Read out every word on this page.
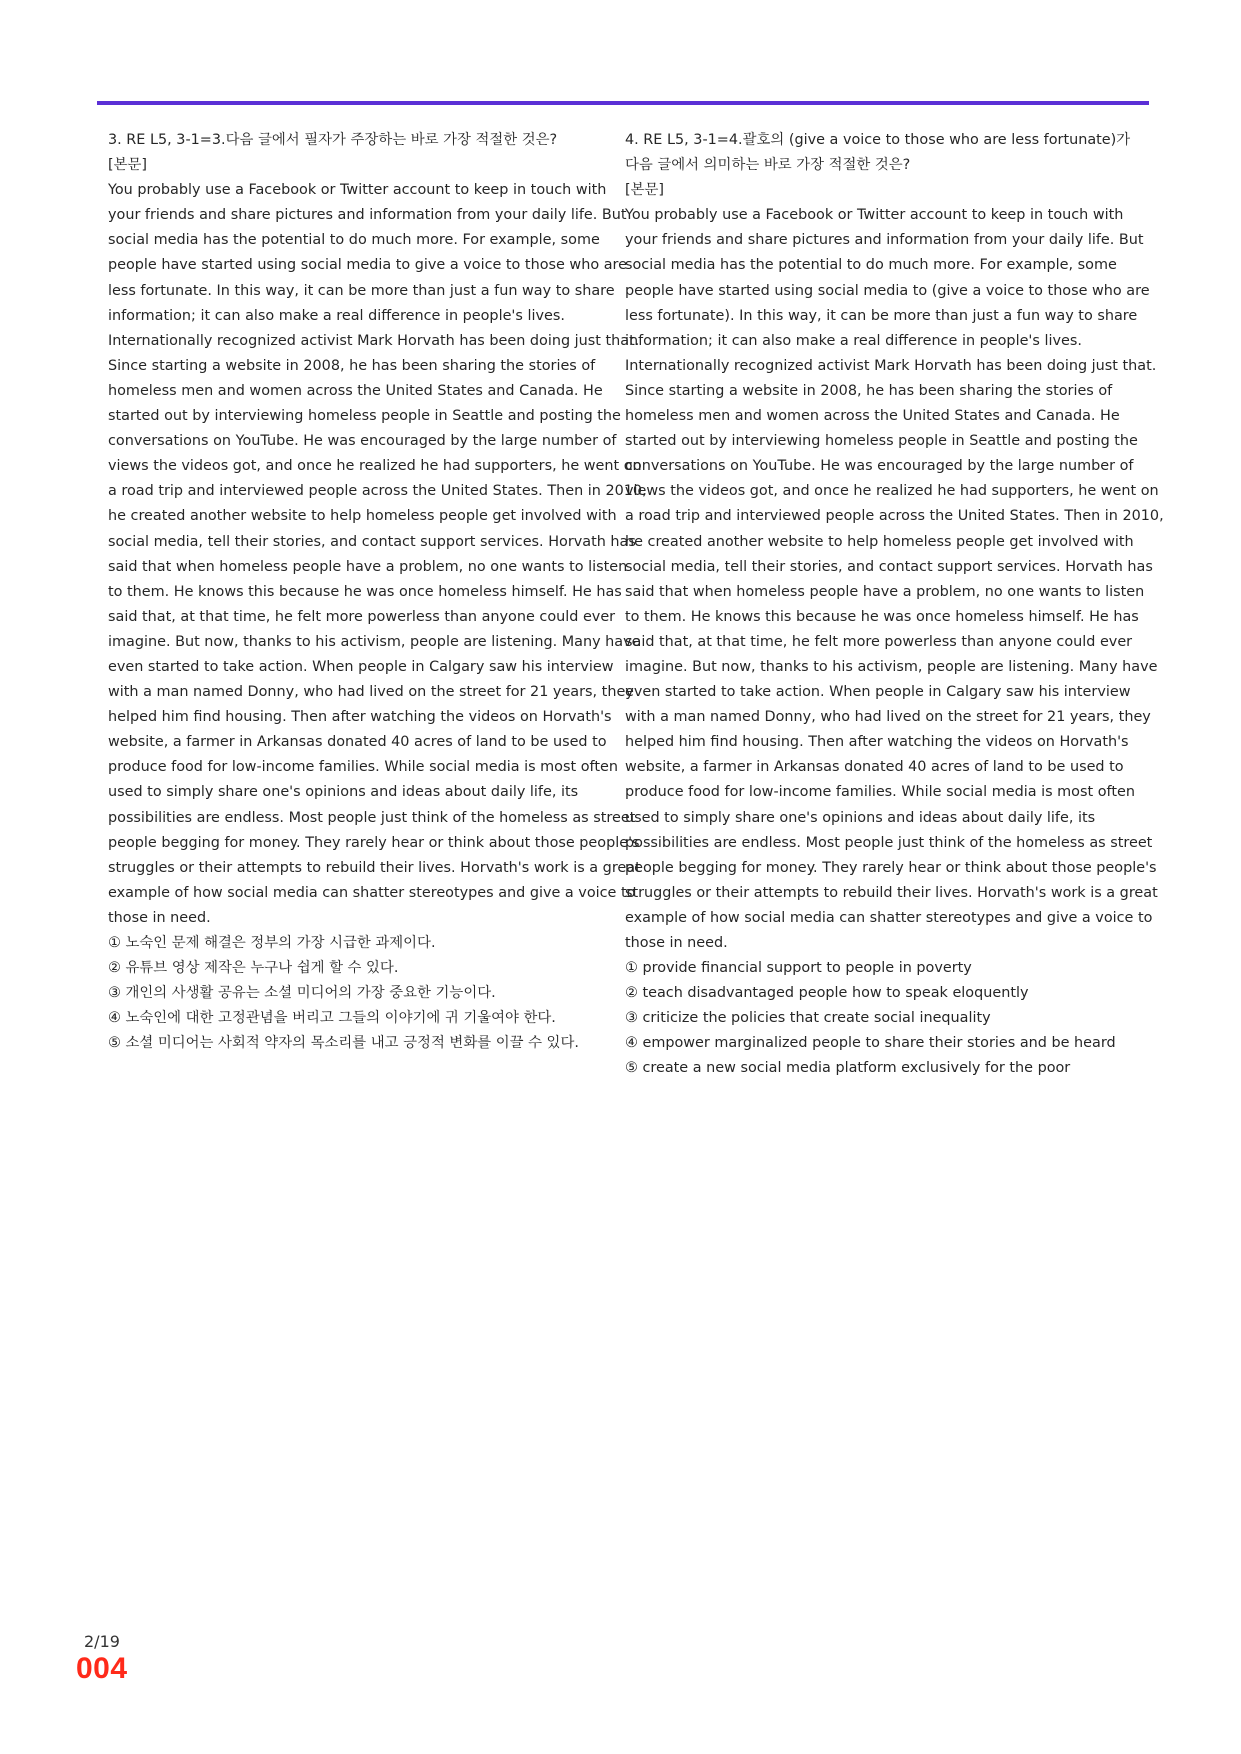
3. RE L5, 3-1=3.다음 글에서 필자가 주장하는 바로 가장 적절한 것은?
[본문]
You probably use a Facebook or Twitter account to keep in touch with
your friends and share pictures and information from your daily life. But
social media has the potential to do much more. For example, some
people have started using social media to give a voice to those who are
less fortunate. In this way, it can be more than just a fun way to share
information; it can also make a real difference in people's lives.
Internationally recognized activist Mark Horvath has been doing just that.
Since starting a website in 2008, he has been sharing the stories of
homeless men and women across the United States and Canada. He
started out by interviewing homeless people in Seattle and posting the
conversations on YouTube. He was encouraged by the large number of
views the videos got, and once he realized he had supporters, he went on
a road trip and interviewed people across the United States. Then in 2010,
he created another website to help homeless people get involved with
social media, tell their stories, and contact support services. Horvath has
said that when homeless people have a problem, no one wants to listen
to them. He knows this because he was once homeless himself. He has
said that, at that time, he felt more powerless than anyone could ever
imagine. But now, thanks to his activism, people are listening. Many have
even started to take action. When people in Calgary saw his interview
with a man named Donny, who had lived on the street for 21 years, they
helped him find housing. Then after watching the videos on Horvath's
website, a farmer in Arkansas donated 40 acres of land to be used to
produce food for low-income families. While social media is most often
used to simply share one's opinions and ideas about daily life, its
possibilities are endless. Most people just think of the homeless as street
people begging for money. They rarely hear or think about those people's
struggles or their attempts to rebuild their lives. Horvath's work is a great
example of how social media can shatter stereotypes and give a voice to
those in need.
① 노숙인 문제 해결은 정부의 가장 시급한 과제이다.
② 유튜브 영상 제작은 누구나 쉽게 할 수 있다.
③ 개인의 사생활 공유는 소셜 미디어의 가장 중요한 기능이다.
④ 노숙인에 대한 고정관념을 버리고 그들의 이야기에 귀 기울여야 한다.
⑤ 소셜 미디어는 사회적 약자의 목소리를 내고 긍정적 변화를 이끌 수 있다.
4. RE L5, 3-1=4.괄호의 (give a voice to those who are less fortunate)가
다음 글에서 의미하는 바로 가장 적절한 것은?
[본문]
You probably use a Facebook or Twitter account to keep in touch with
your friends and share pictures and information from your daily life. But
social media has the potential to do much more. For example, some
people have started using social media to (give a voice to those who are
less fortunate). In this way, it can be more than just a fun way to share
information; it can also make a real difference in people's lives.
Internationally recognized activist Mark Horvath has been doing just that.
Since starting a website in 2008, he has been sharing the stories of
homeless men and women across the United States and Canada. He
started out by interviewing homeless people in Seattle and posting the
conversations on YouTube. He was encouraged by the large number of
views the videos got, and once he realized he had supporters, he went on
a road trip and interviewed people across the United States. Then in 2010,
he created another website to help homeless people get involved with
social media, tell their stories, and contact support services. Horvath has
said that when homeless people have a problem, no one wants to listen
to them. He knows this because he was once homeless himself. He has
said that, at that time, he felt more powerless than anyone could ever
imagine. But now, thanks to his activism, people are listening. Many have
even started to take action. When people in Calgary saw his interview
with a man named Donny, who had lived on the street for 21 years, they
helped him find housing. Then after watching the videos on Horvath's
website, a farmer in Arkansas donated 40 acres of land to be used to
produce food for low-income families. While social media is most often
used to simply share one's opinions and ideas about daily life, its
possibilities are endless. Most people just think of the homeless as street
people begging for money. They rarely hear or think about those people's
struggles or their attempts to rebuild their lives. Horvath's work is a great
example of how social media can shatter stereotypes and give a voice to
those in need.
① provide financial support to people in poverty
② teach disadvantaged people how to speak eloquently
③ criticize the policies that create social inequality
④ empower marginalized people to share their stories and be heard
⑤ create a new social media platform exclusively for the poor
2/19
004
